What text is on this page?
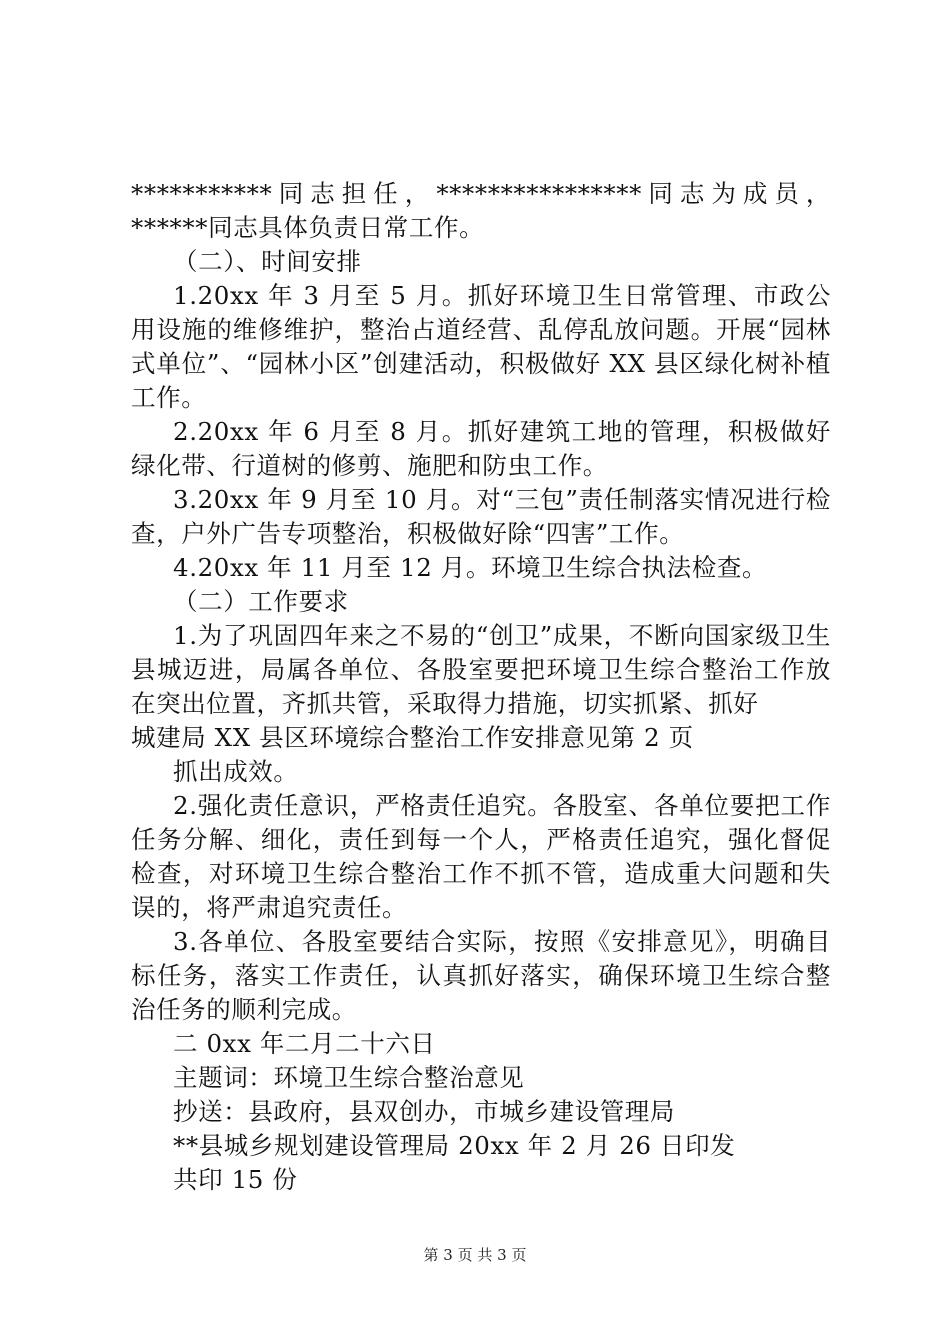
***********同志担任，****************同志为成员，******同志具体负责日常工作。

（二）、时间安排

1.20xx 年 3 月至 5 月。抓好环境卫生日常管理、市政公用设施的维修维护，整治占道经营、乱停乱放问题。开展“园林式单位”、“园林小区”创建活动，积极做好 XX 县区绿化树补植工作。

2.20xx 年 6 月至 8 月。抓好建筑工地的管理，积极做好绿化带、行道树的修剪、施肥和防虫工作。

3.20xx 年 9 月至 10 月。对“三包”责任制落实情况进行检查，户外广告专项整治，积极做好除“四害”工作。

4.20xx 年 11 月至 12 月。环境卫生综合执法检查。

（二）工作要求

1.为了巩固四年来之不易的“创卫”成果，不断向国家级卫生县城迈进，局属各单位、各股室要把环境卫生综合整治工作放在突出位置，齐抓共管，采取得力措施，切实抓紧、抓好

城建局 XX 县区环境综合整治工作安排意见第 2 页

抓出成效。

2.强化责任意识，严格责任追究。各股室、各单位要把工作任务分解、细化，责任到每一个人，严格责任追究，强化督促检查，对环境卫生综合整治工作不抓不管，造成重大问题和失误的，将严肃追究责任。

3.各单位、各股室要结合实际，按照《安排意见》，明确目标任务，落实工作责任，认真抓好落实，确保环境卫生综合整治任务的顺利完成。

二 0xx 年二月二十六日

主题词：环境卫生综合整治意见

抄送：县政府，县双创办，市城乡建设管理局

**县城乡规划建设管理局 20xx 年 2 月 26 日印发

共印 15 份

第 3 页 共 3 页
